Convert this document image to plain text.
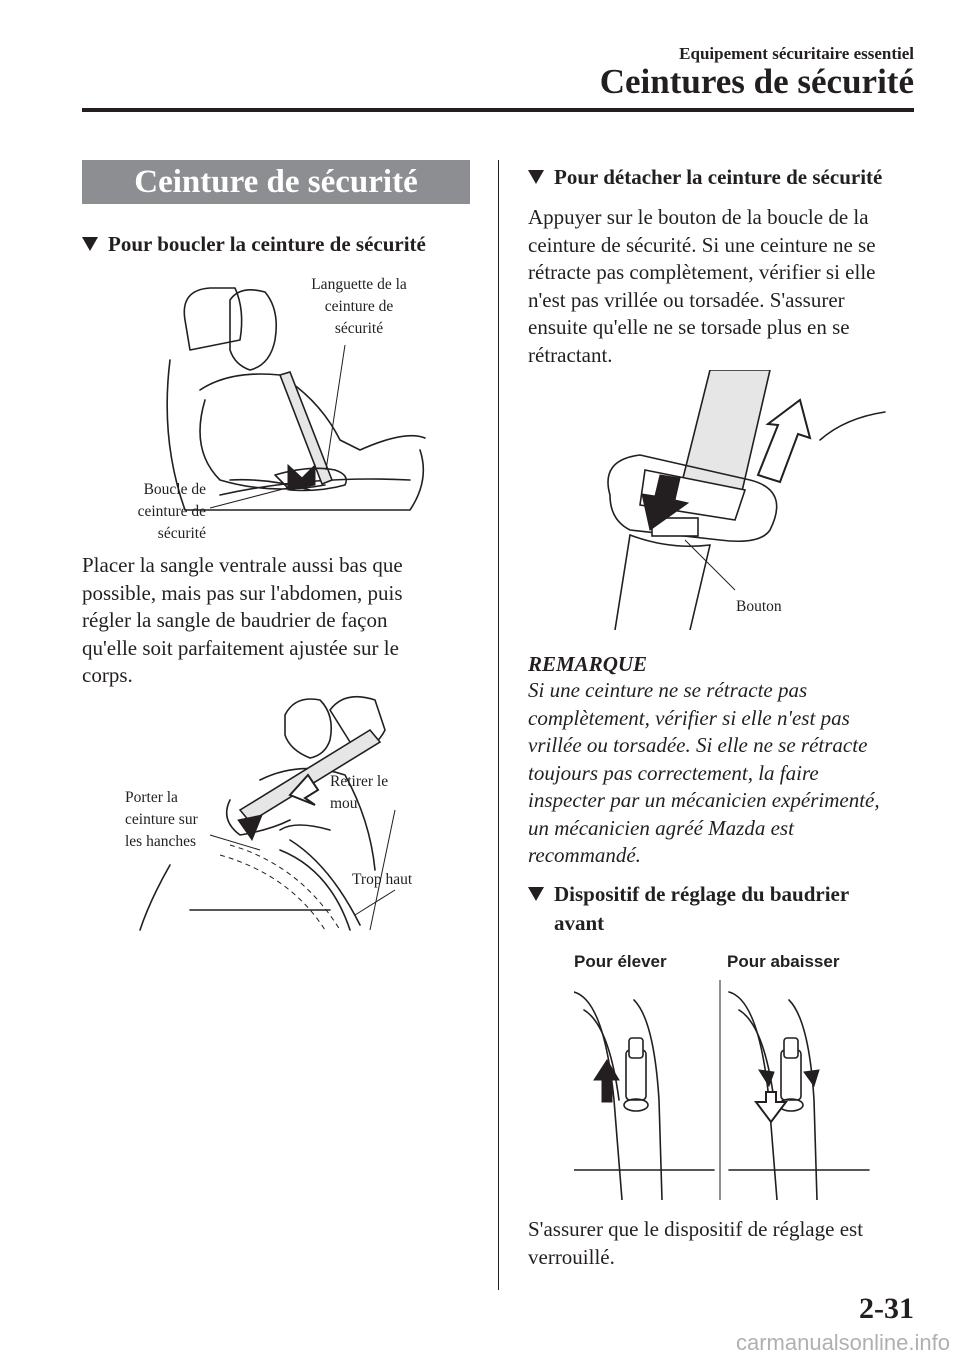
Equipement sécuritaire essentiel
Ceintures de sécurité
Ceinture de sécurité
Pour boucler la ceinture de sécurité
Languette de la
ceinture de
sécurité
Boucle de
ceinture de
sécurité

Placer la sangle ventrale aussi bas que

possible, mais pas sur l'abdomen, puis

régler la sangle de baudrier de façon

qu'elle soit parfaitement ajustée sur le

corps.

Porter la
ceinture sur
les hanches
Retirer le
mou
Trop haut
Pour détacher la ceinture de sécurité

Appuyer sur le bouton de la boucle de la

ceinture de sécurité. Si une ceinture ne se

rétracte pas complètement, vérifier si elle

n'est pas vrillée ou torsadée. S'assurer

ensuite qu'elle ne se torsade plus en se

rétractant.

Bouton
REMARQUE

Si une ceinture ne se rétracte pas

complètement, vérifier si elle n'est pas

vrillée ou torsadée. Si elle ne se rétracte

toujours pas correctement, la faire

inspecter par un mécanicien expérimenté,

un mécanicien agréé Mazda est

recommandé.

Dispositif de réglage du baudrier
avant
Pour élever	Pour abaisser

S'assurer que le dispositif de réglage est

verrouillé.

2-31
carmanualsonline.info
